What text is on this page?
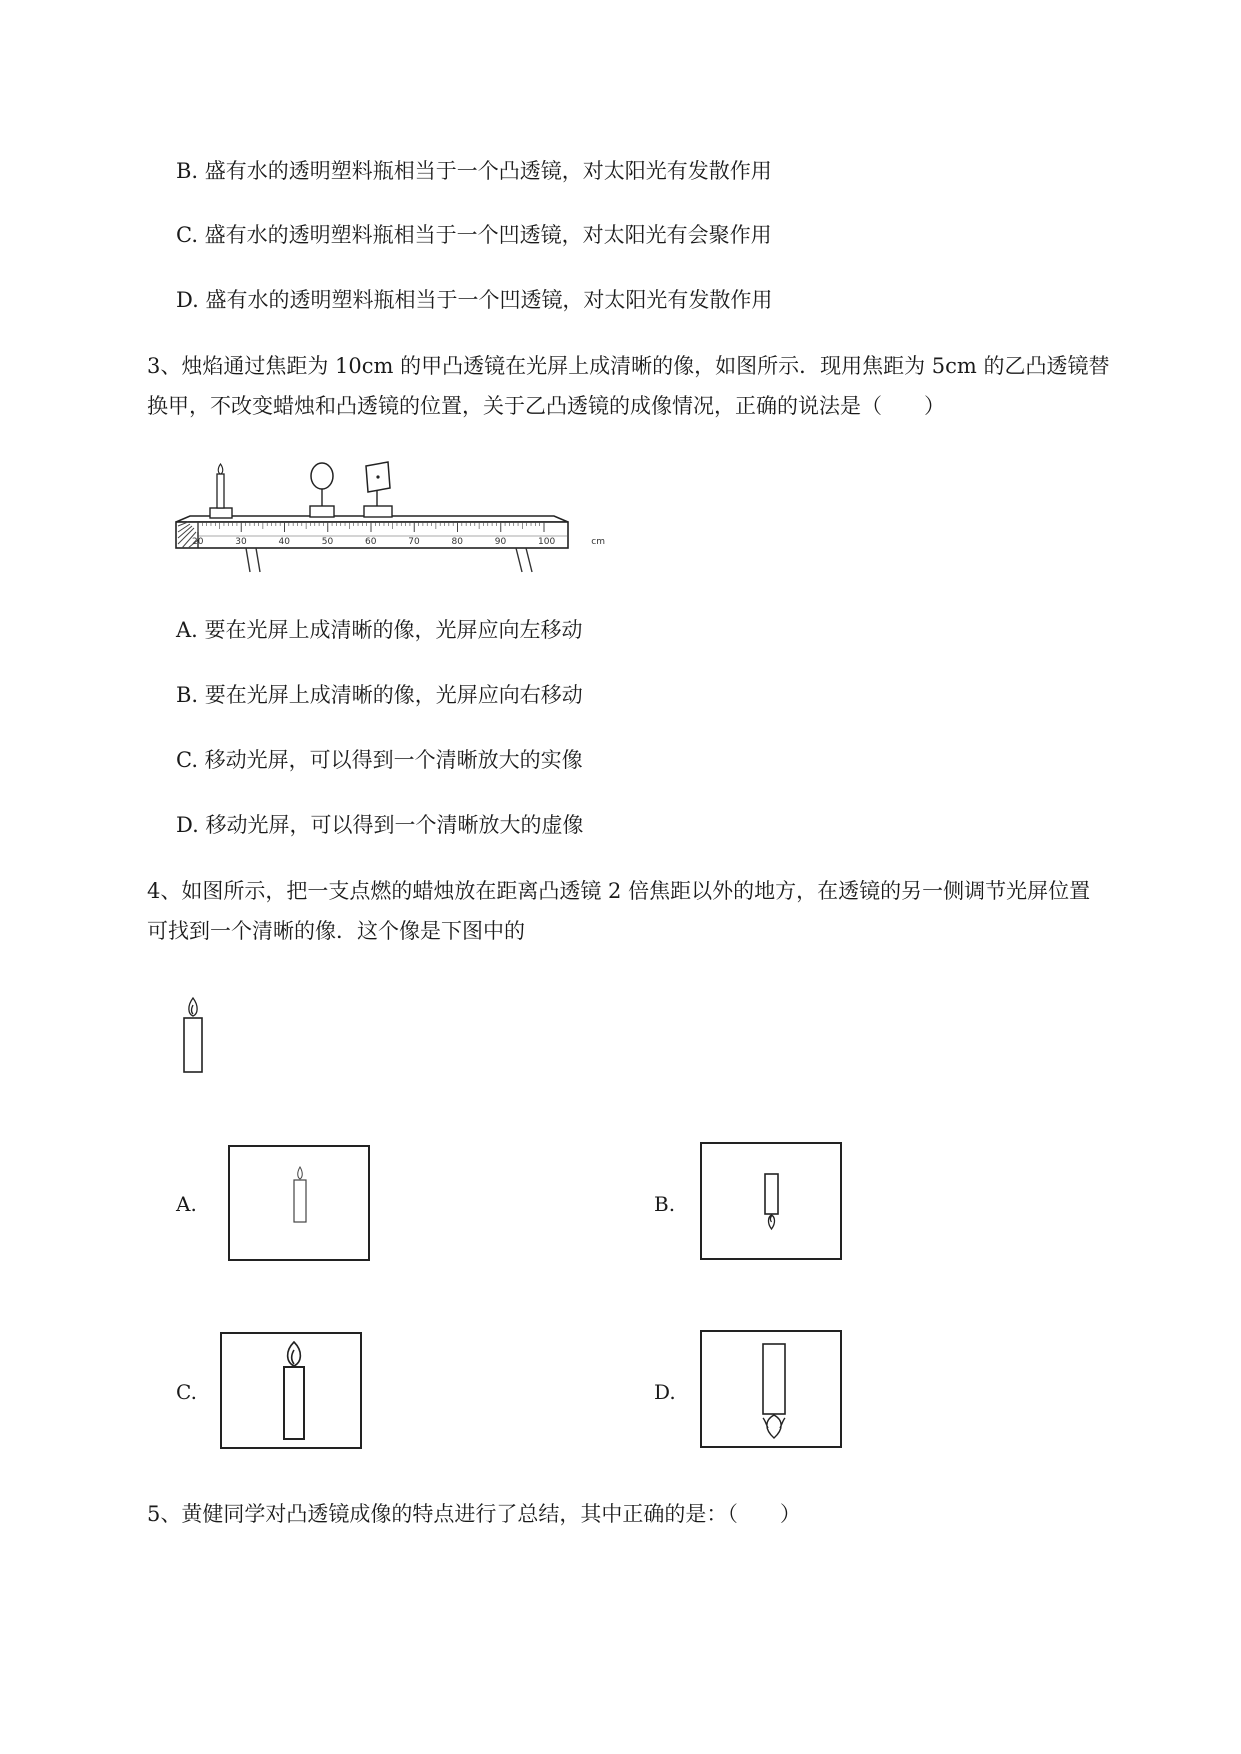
B. 盛有水的透明塑料瓶相当于一个凸透镜，对太阳光有发散作用
C. 盛有水的透明塑料瓶相当于一个凹透镜，对太阳光有会聚作用
D. 盛有水的透明塑料瓶相当于一个凹透镜，对太阳光有发散作用
3、烛焰通过焦距为 10cm 的甲凸透镜在光屏上成清晰的像，如图所示．现用焦距为 5cm 的乙凸透镜替
换甲，不改变蜡烛和凸透镜的位置，关于乙凸透镜的成像情况，正确的说法是（　　）
20	30	40	50	60	70	80	90	100	cm
A. 要在光屏上成清晰的像，光屏应向左移动
B. 要在光屏上成清晰的像，光屏应向右移动
C. 移动光屏，可以得到一个清晰放大的实像
D. 移动光屏，可以得到一个清晰放大的虚像
4、如图所示，把一支点燃的蜡烛放在距离凸透镜 2 倍焦距以外的地方，在透镜的另一侧调节光屏位置
可找到一个清晰的像．这个像是下图中的
A.	B.
C.	D.
5、黄健同学对凸透镜成像的特点进行了总结，其中正确的是：（　　）
